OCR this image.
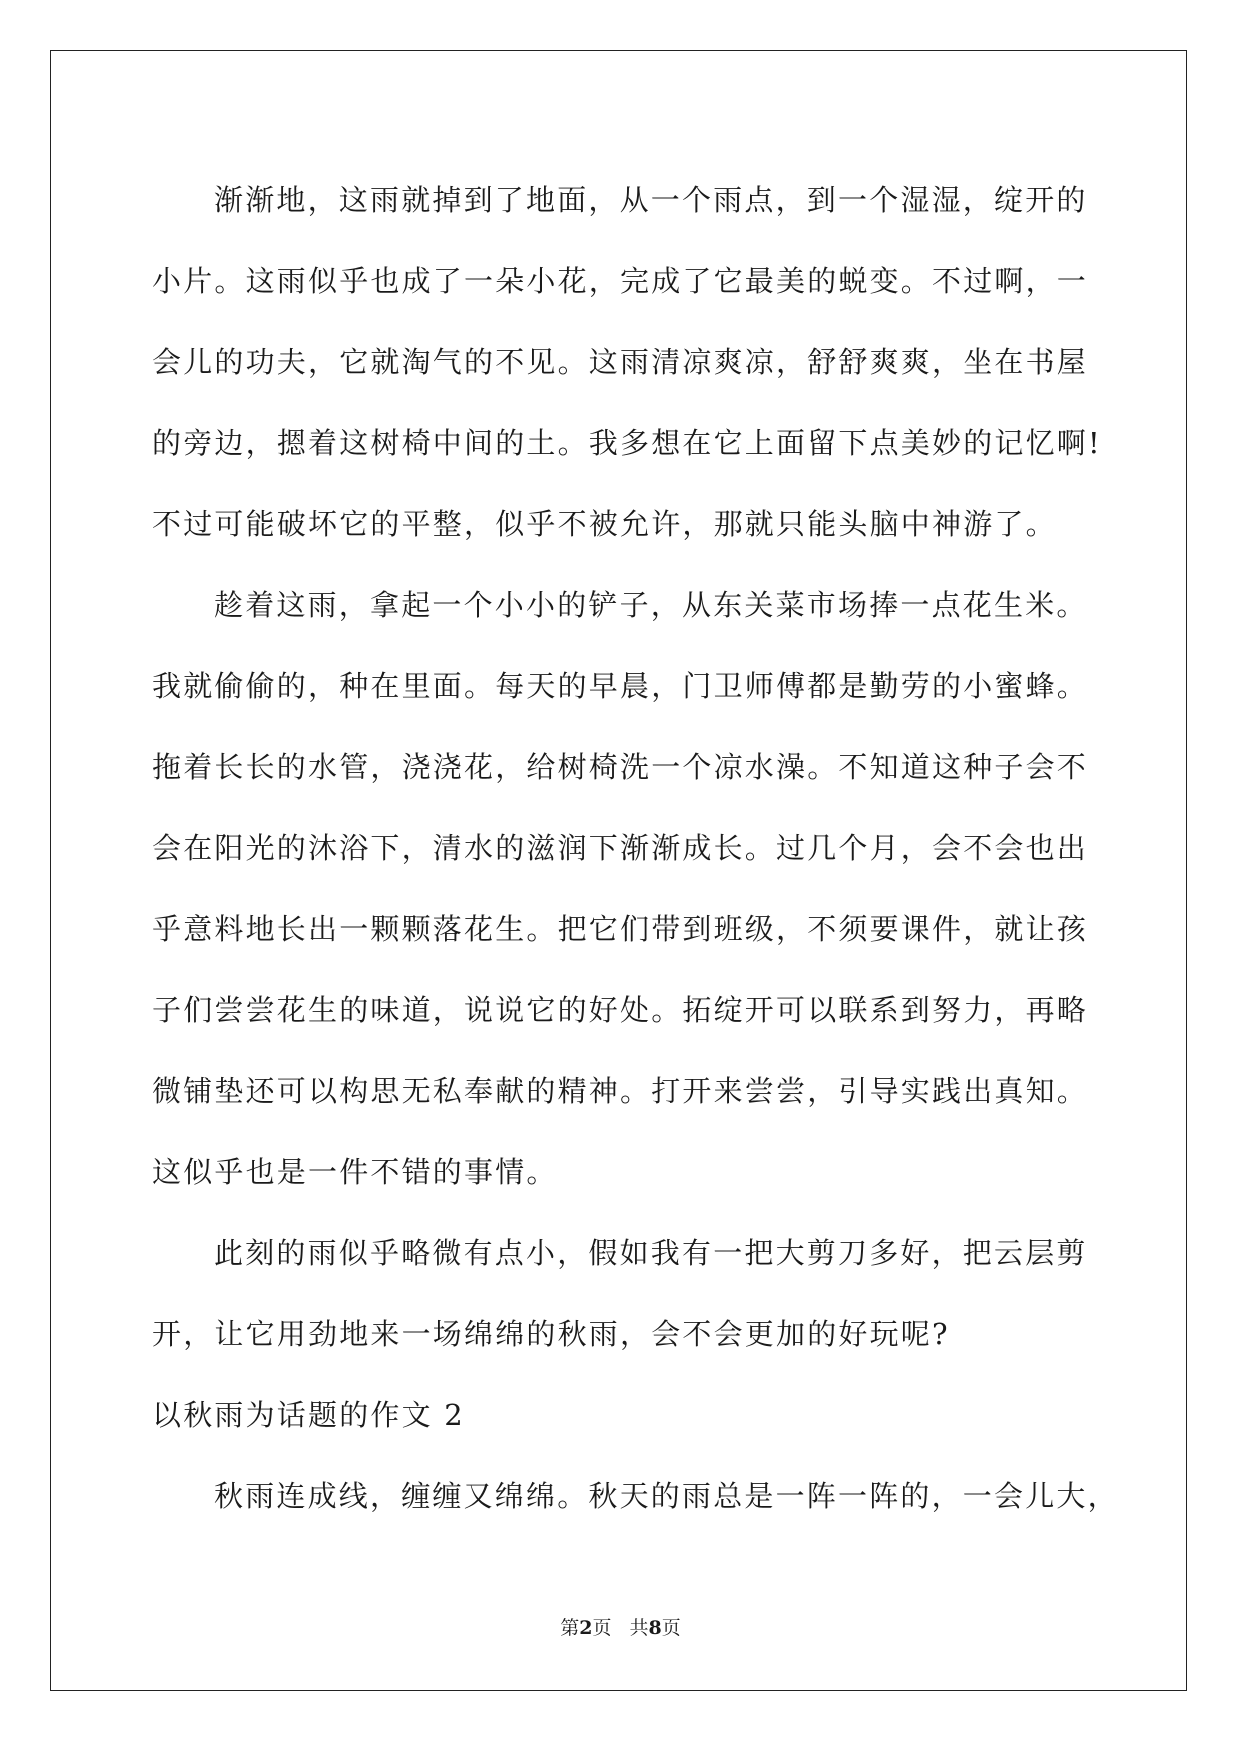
渐渐地，这雨就掉到了地面，从一个雨点，到一个湿湿，绽开的
小片。这雨似乎也成了一朵小花，完成了它最美的蜕变。不过啊，一
会儿的功夫，它就淘气的不见。这雨清凉爽凉，舒舒爽爽，坐在书屋
的旁边，摁着这树椅中间的土。我多想在它上面留下点美妙的记忆啊!
不过可能破坏它的平整，似乎不被允许，那就只能头脑中神游了。
趁着这雨，拿起一个小小的铲子，从东关菜市场捧一点花生米。
我就偷偷的，种在里面。每天的早晨，门卫师傅都是勤劳的小蜜蜂。
拖着长长的水管，浇浇花，给树椅洗一个凉水澡。不知道这种子会不
会在阳光的沐浴下，清水的滋润下渐渐成长。过几个月，会不会也出
乎意料地长出一颗颗落花生。把它们带到班级，不须要课件，就让孩
子们尝尝花生的味道，说说它的好处。拓绽开可以联系到努力，再略
微铺垫还可以构思无私奉献的精神。打开来尝尝，引导实践出真知。
这似乎也是一件不错的事情。
此刻的雨似乎略微有点小，假如我有一把大剪刀多好，把云层剪
开，让它用劲地来一场绵绵的秋雨，会不会更加的好玩呢?
以秋雨为话题的作文 2
秋雨连成线，缠缠又绵绵。秋天的雨总是一阵一阵的，一会儿大，
第2页 共8页
